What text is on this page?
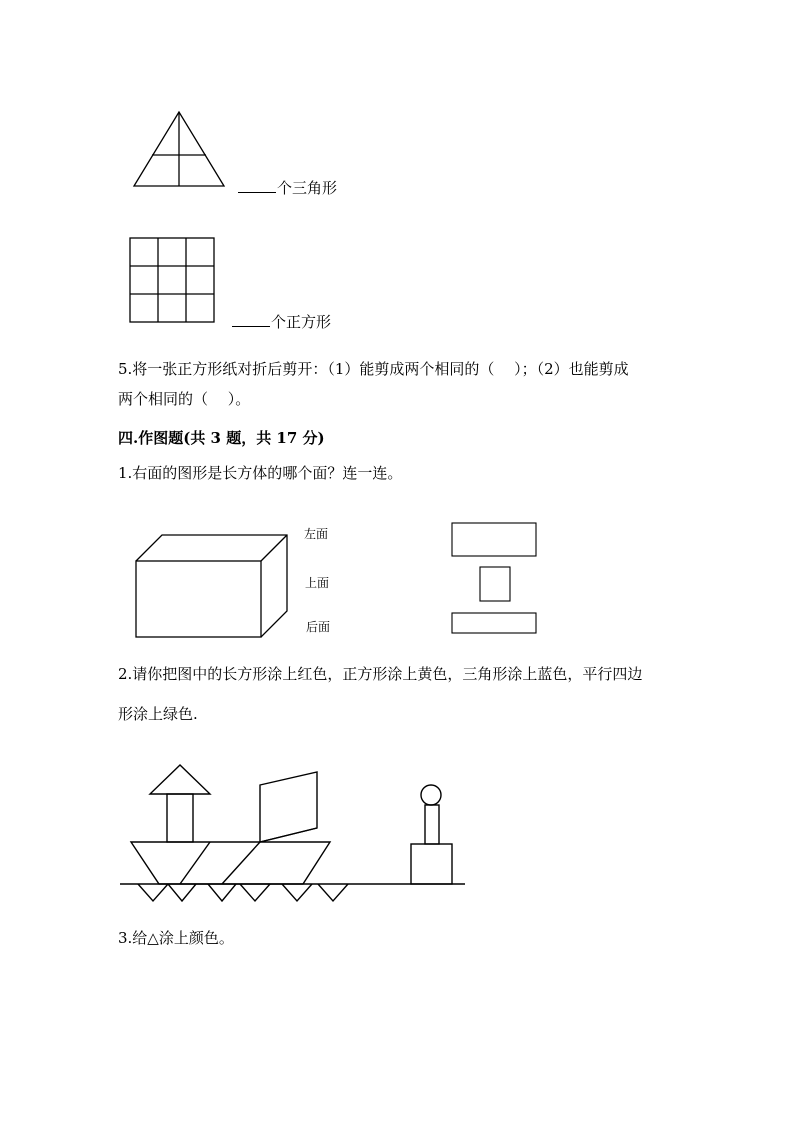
个三角形
个正方形
5.将一张正方形纸对折后剪开：（1）能剪成两个相同的（　 ）；（2）也能剪成
两个相同的（　 ）。
四.作图题(共 3 题，共 17 分)
1.右面的图形是长方体的哪个面？连一连。
左面
上面
后面
2.请你把图中的长方形涂上红色，正方形涂上黄色，三角形涂上蓝色，平行四边
形涂上绿色.
3.给△涂上颜色。
